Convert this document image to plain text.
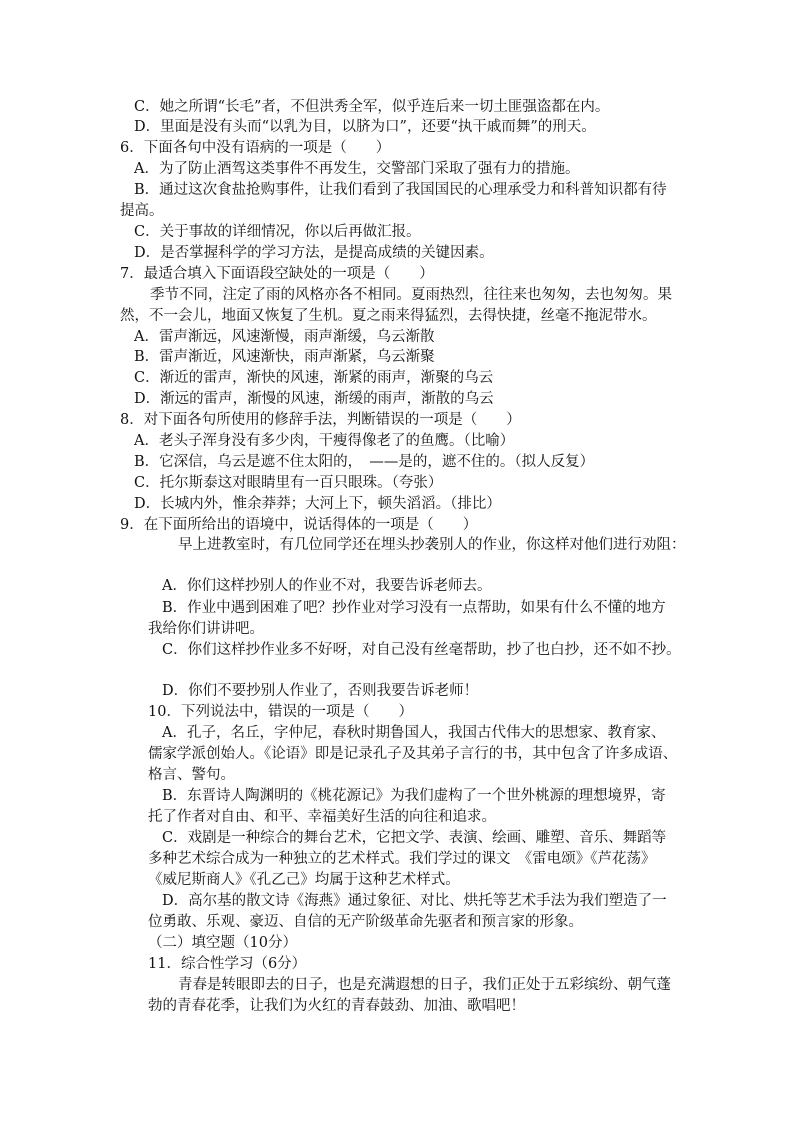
C．她之所谓“长毛”者，不但洪秀全军，似乎连后来一切土匪强盗都在内。
D．里面是没有头而“以乳为目，以脐为口”，还要“执干戚而舞”的刑天。
6．下面各句中没有语病的一项是（　　）
A．为了防止酒驾这类事件不再发生，交警部门采取了强有力的措施。
B．通过这次食盐抢购事件，让我们看到了我国国民的心理承受力和科普知识都有待
提高。
C．关于事故的详细情况，你以后再做汇报。
D．是否掌握科学的学习方法，是提高成绩的关键因素。
7．最适合填入下面语段空缺处的一项是（　　）
季节不同，注定了雨的风格亦各不相同。夏雨热烈，往往来也匆匆，去也匆匆。果
然，不一会儿，地面又恢复了生机。夏之雨来得猛烈，去得快捷，丝毫不拖泥带水。
A．雷声渐远，风速渐慢，雨声渐缓，乌云渐散
B．雷声渐近，风速渐快，雨声渐紧，乌云渐聚
C．渐近的雷声，渐快的风速，渐紧的雨声，渐聚的乌云
D．渐远的雷声，渐慢的风速，渐缓的雨声，渐散的乌云
8．对下面各句所使用的修辞手法，判断错误的一项是（　　）
A．老头子浑身没有多少肉，干瘦得像老了的鱼鹰。（比喻）
B．它深信，乌云是遮不住太阳的，　——是的，遮不住的。（拟人反复）
C．托尔斯泰这对眼睛里有一百只眼珠。（夸张）
D．长城内外，惟余莽莽；大河上下，顿失滔滔。（排比）
9．在下面所给出的语境中，说话得体的一项是（　　）
早上进教室时，有几位同学还在埋头抄袭别人的作业，你这样对他们进行劝阻：
A．你们这样抄别人的作业不对，我要告诉老师去。
B．作业中遇到困难了吧？抄作业对学习没有一点帮助，如果有什么不懂的地方
我给你们讲讲吧。
C．你们这样抄作业多不好呀，对自己没有丝毫帮助，抄了也白抄，还不如不抄。
D．你们不要抄别人作业了，否则我要告诉老师！
10．下列说法中，错误的一项是（　　）
A．孔子，名丘，字仲尼，春秋时期鲁国人，我国古代伟大的思想家、教育家、
儒家学派创始人。《论语》即是记录孔子及其弟子言行的书，其中包含了许多成语、
格言、警句。
B．东晋诗人陶渊明的《桃花源记》为我们虚构了一个世外桃源的理想境界，寄
托了作者对自由、和平、幸福美好生活的向往和追求。
C．戏剧是一种综合的舞台艺术，它把文学、表演、绘画、雕塑、音乐、舞蹈等
多种艺术综合成为一种独立的艺术样式。我们学过的课文　《雷电颂》《芦花荡》
《威尼斯商人》《孔乙己》均属于这种艺术样式。
D．高尔基的散文诗《海燕》通过象征、对比、烘托等艺术手法为我们塑造了一
位勇敢、乐观、豪迈、自信的无产阶级革命先驱者和预言家的形象。
（二）填空题（10分）
11．综合性学习（6分）
青春是转眼即去的日子，也是充满遐想的日子，我们正处于五彩缤纷、朝气蓬
勃的青春花季，让我们为火红的青春鼓劲、加油、歌唱吧！
